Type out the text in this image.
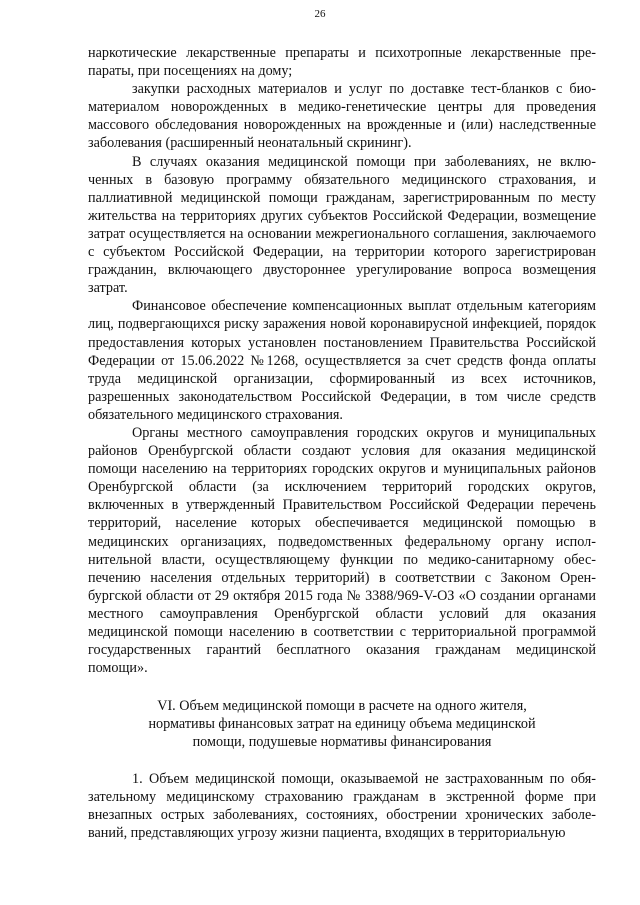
26

наркотические лекарственные препараты и психотропные лекарственные препараты, при посещениях на дому;

закупки расходных материалов и услуг по доставке тест-бланков с биоматериалом новорожденных в медико-генетические центры для проведения массового обследования новорожденных на врожденные и (или) наследственные заболевания (расширенный неонатальный скрининг).

В случаях оказания медицинской помощи при заболеваниях, не включенных в базовую программу обязательного медицинского страхования, и паллиативной медицинской помощи гражданам, зарегистрированным по месту жительства на территориях других субъектов Российской Федерации, возмещение затрат осуществляется на основании межрегионального соглашения, заключаемого с субъектом Российской Федерации, на территории которого зарегистрирован гражданин, включающего двустороннее урегулирование вопроса возмещения затрат.

Финансовое обеспечение компенсационных выплат отдельным категориям лиц, подвергающихся риску заражения новой коронавирусной инфекцией, порядок предоставления которых установлен постановлением Правительства Российской Федерации от 15.06.2022 №1268, осуществляется за счет средств фонда оплаты труда медицинской организации, сформированный из всех источников, разрешенных законодательством Российской Федерации, в том числе средств обязательного медицинского страхования.

Органы местного самоуправления городских округов и муниципальных районов Оренбургской области создают условия для оказания медицинской помощи населению на территориях городских округов и муниципальных районов Оренбургской области (за исключением территорий городских округов, включенных в утвержденный Правительством Российской Федерации перечень территорий, население которых обеспечивается медицинской помощью в медицинских организациях, подведомственных федеральному органу исполнительной власти, осуществляющему функции по медико-санитарному обеспечению населения отдельных территорий) в соответствии с Законом Оренбургской области от 29 октября 2015 года № 3388/969-V-ОЗ «О создании органами местного самоуправления Оренбургской области условий для оказания медицинской помощи населению в соответствии с территориальной программой государственных гарантий бесплатного оказания гражданам медицинской помощи».

VI. Объем медицинской помощи в расчете на одного жителя,
нормативы финансовых затрат на единицу объема медицинской
помощи, подушевые нормативы финансирования

1. Объем медицинской помощи, оказываемой не застрахованным по обязательному медицинскому страхованию гражданам в экстренной форме при внезапных острых заболеваниях, состояниях, обострении хронических заболеваний, представляющих угрозу жизни пациента, входящих в территориальную
